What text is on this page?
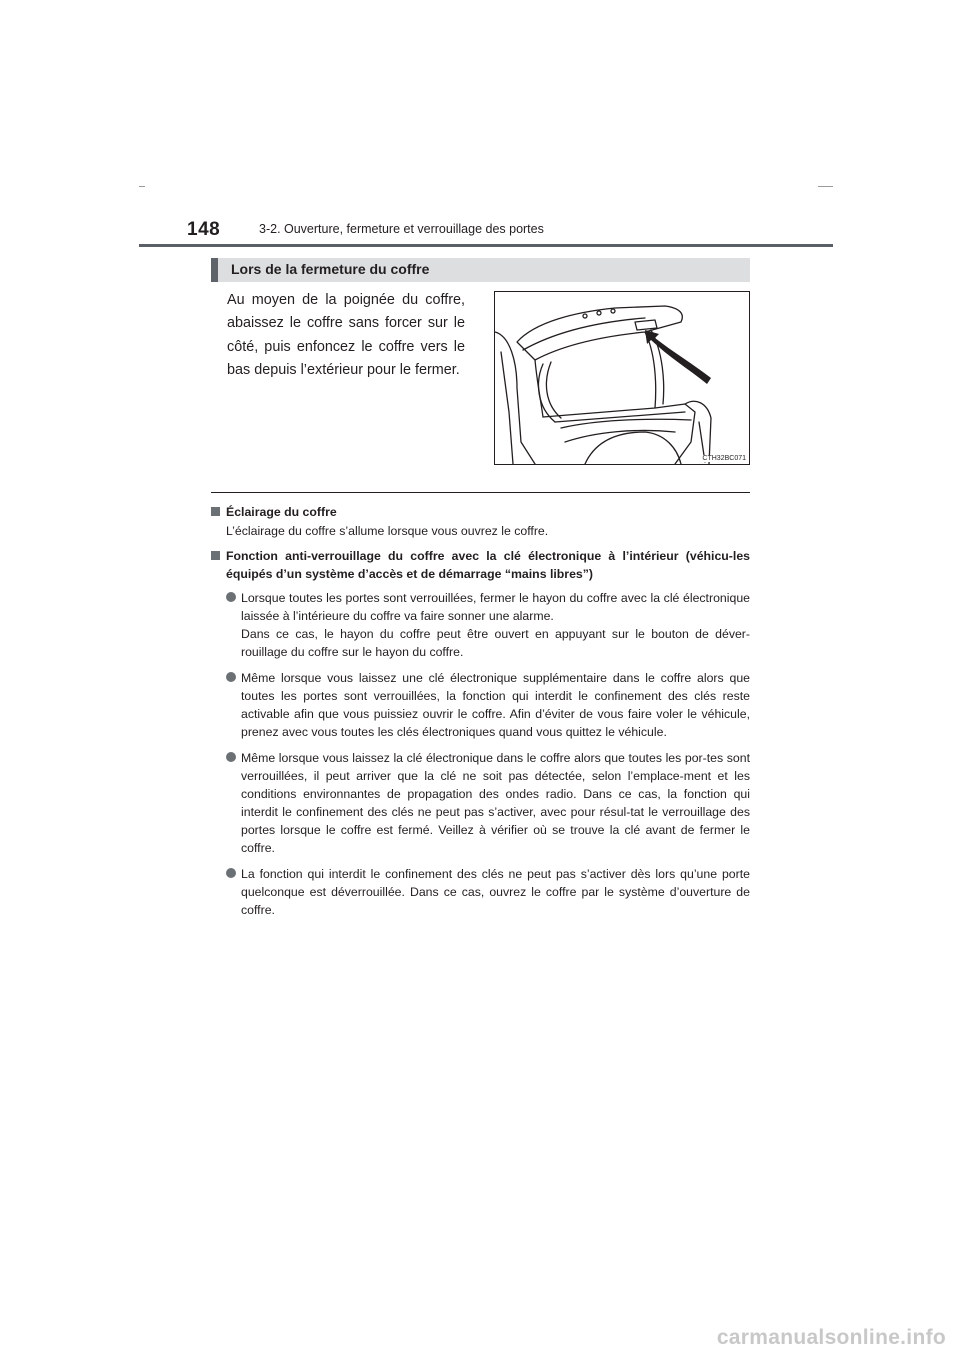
148	3-2. Ouverture, fermeture et verrouillage des portes
Lors de la fermeture du coffre
Au moyen de la poignée du coffre, abaissez le coffre sans forcer sur le côté, puis enfoncez le coffre vers le bas depuis l’extérieur pour le fermer.
CTH32BC071
Éclairage du coffre
L’éclairage du coffre s’allume lorsque vous ouvrez le coffre.
Fonction anti-verrouillage du coffre avec la clé électronique à l’intérieur (véhicu-les équipés d’un système d’accès et de démarrage “mains libres”)
Lorsque toutes les portes sont verrouillées, fermer le hayon du coffre avec la clé électronique laissée à l’intérieure du coffre va faire sonner une alarme.
Dans ce cas, le hayon du coffre peut être ouvert en appuyant sur le bouton de déver-rouillage du coffre sur le hayon du coffre.
Même lorsque vous laissez une clé électronique supplémentaire dans le coffre alors que toutes les portes sont verrouillées, la fonction qui interdit le confinement des clés reste activable afin que vous puissiez ouvrir le coffre. Afin d’éviter de vous faire voler le véhicule, prenez avec vous toutes les clés électroniques quand vous quittez le véhicule.
Même lorsque vous laissez la clé électronique dans le coffre alors que toutes les por-tes sont verrouillées, il peut arriver que la clé ne soit pas détectée, selon l’emplace-ment et les conditions environnantes de propagation des ondes radio. Dans ce cas, la fonction qui interdit le confinement des clés ne peut pas s’activer, avec pour résul-tat le verrouillage des portes lorsque le coffre est fermé. Veillez à vérifier où se trouve la clé avant de fermer le coffre.
La fonction qui interdit le confinement des clés ne peut pas s’activer dès lors qu’une porte quelconque est déverrouillée. Dans ce cas, ouvrez le coffre par le système d’ouverture de coffre.
carmanualsonline.info
